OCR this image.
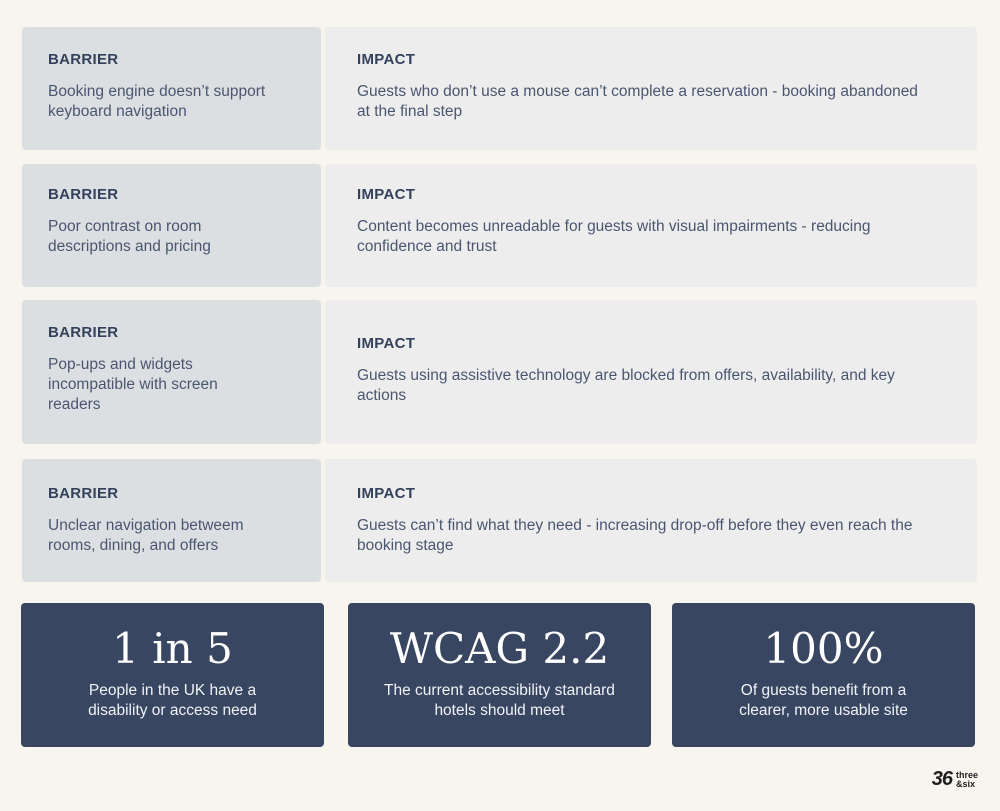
BARRIER
Booking engine doesn’t support keyboard navigation
IMPACT
Guests who don’t use a mouse can’t complete a reservation - booking abandoned at the final step
BARRIER
Poor contrast on room descriptions and pricing
IMPACT
Content becomes unreadable for guests with visual impairments - reducing confidence and trust
BARRIER
Pop-ups and widgets incompatible with screen readers
IMPACT
Guests using assistive technology are blocked from offers, availability, and key actions
BARRIER
Unclear navigation betweem rooms, dining, and offers
IMPACT
Guests can’t find what they need - increasing drop-off before they even reach the booking stage
1 in 5
People in the UK have a disability or access need
WCAG 2.2
The current accessibility standard hotels should meet
100%
Of guests benefit from a clearer, more usable site
36 three
&six
